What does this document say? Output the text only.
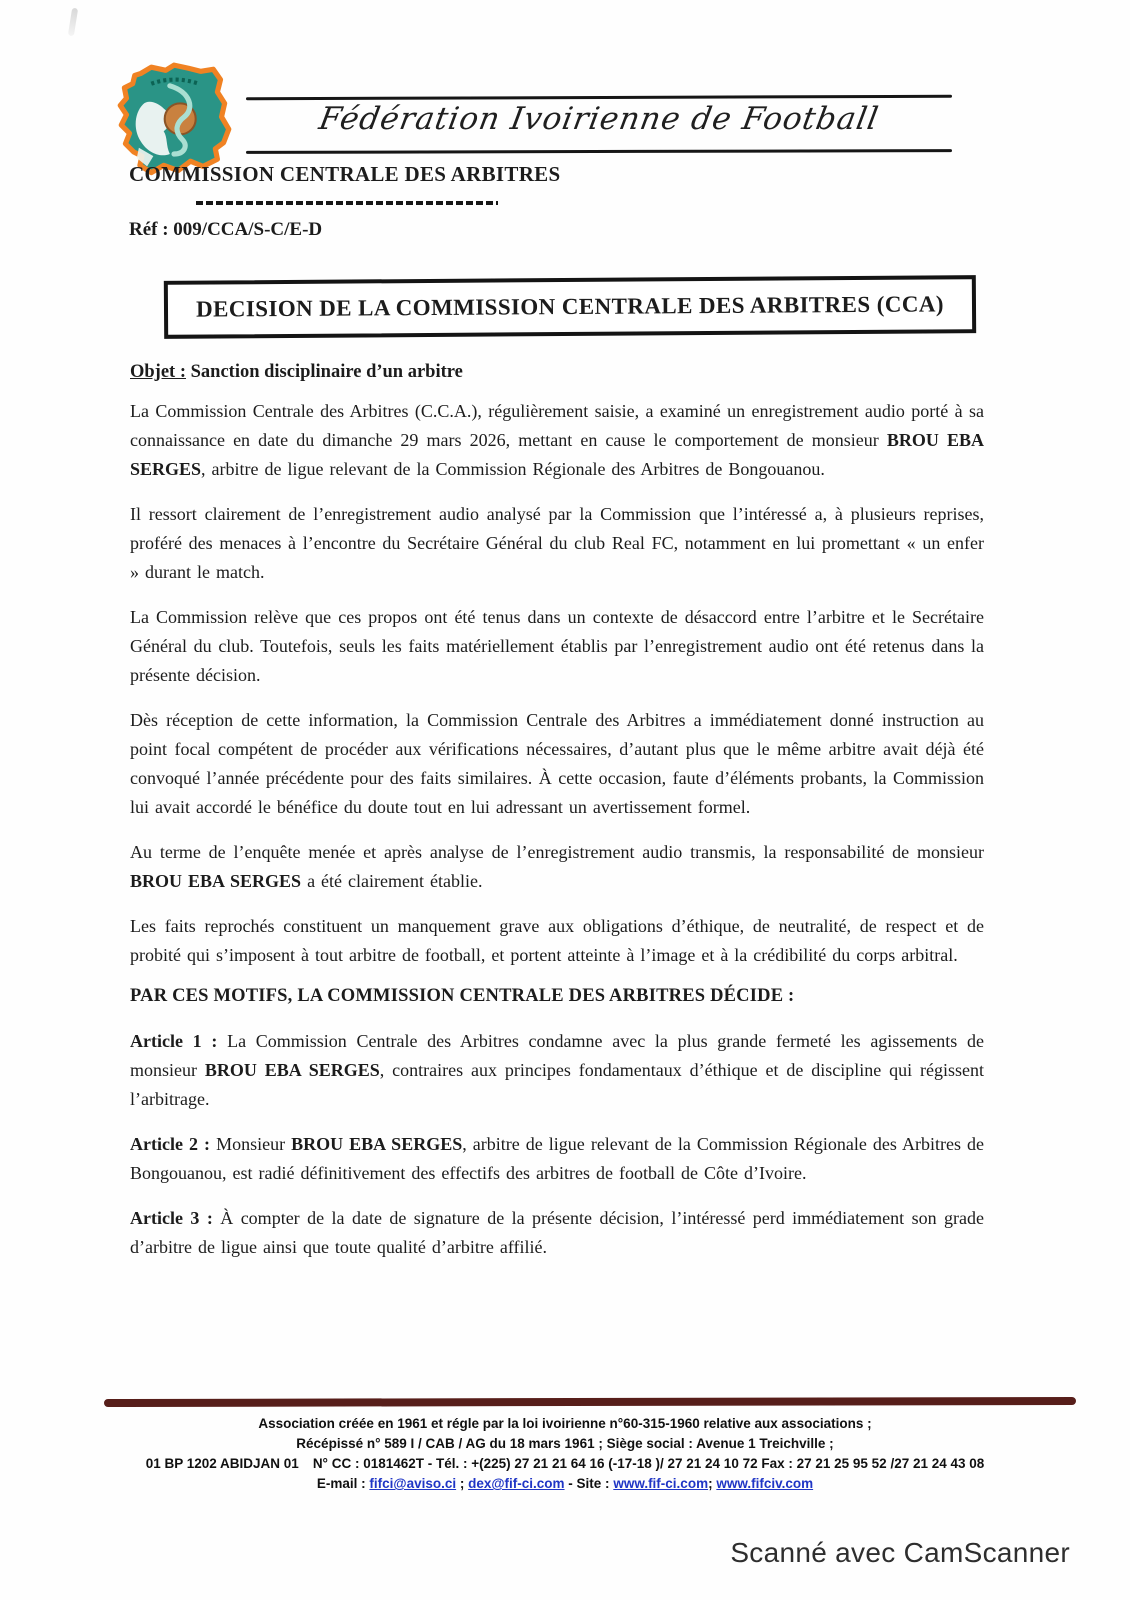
Fédération Ivoirienne de Football
COMMISSION CENTRALE DES ARBITRES
Réf : 009/CCA/S-C/E-D
DECISION DE LA COMMISSION CENTRALE DES ARBITRES (CCA)

Objet : Sanction disciplinaire d’un arbitre

La Commission Centrale des Arbitres (C.C.A.), régulièrement saisie, a examiné un enregistrement audio porté à sa connaissance en date du dimanche 29 mars 2026, mettant en cause le comportement de monsieur BROU EBA SERGES, arbitre de ligue relevant de la Commission Régionale des Arbitres de Bongouanou.

Il ressort clairement de l’enregistrement audio analysé par la Commission que l’intéressé a, à plusieurs reprises, proféré des menaces à l’encontre du Secrétaire Général du club Real FC, notamment en lui promettant « un enfer » durant le match.

La Commission relève que ces propos ont été tenus dans un contexte de désaccord entre l’arbitre et le Secrétaire Général du club. Toutefois, seuls les faits matériellement établis par l’enregistrement audio ont été retenus dans la présente décision.

Dès réception de cette information, la Commission Centrale des Arbitres a immédiatement donné instruction au point focal compétent de procéder aux vérifications nécessaires, d’autant plus que le même arbitre avait déjà été convoqué l’année précédente pour des faits similaires. À cette occasion, faute d’éléments probants, la Commission lui avait accordé le bénéfice du doute tout en lui adressant un avertissement formel.

Au terme de l’enquête menée et après analyse de l’enregistrement audio transmis, la responsabilité de monsieur BROU EBA SERGES a été clairement établie.

Les faits reprochés constituent un manquement grave aux obligations d’éthique, de neutralité, de respect et de probité qui s’imposent à tout arbitre de football, et portent atteinte à l’image et à la crédibilité du corps arbitral.

PAR CES MOTIFS, LA COMMISSION CENTRALE DES ARBITRES DÉCIDE :

Article 1 : La Commission Centrale des Arbitres condamne avec la plus grande fermeté les agissements de monsieur BROU EBA SERGES, contraires aux principes fondamentaux d’éthique et de discipline qui régissent l’arbitrage.

Article 2 : Monsieur BROU EBA SERGES, arbitre de ligue relevant de la Commission Régionale des Arbitres de Bongouanou, est radié définitivement des effectifs des arbitres de football de Côte d’Ivoire.

Article 3 : À compter de la date de signature de la présente décision, l’intéressé perd immédiatement son grade d’arbitre de ligue ainsi que toute qualité d’arbitre affilié.

Association créée en 1961 et régle par la loi ivoirienne n°60-315-1960 relative aux associations ;
Récépissé n° 589 I / CAB / AG du 18 mars 1961 ; Siège social : Avenue 1 Treichville ;
01 BP 1202 ABIDJAN 01 N° CC : 0181462T - Tél. : +(225) 27 21 21 64 16 (-17-18 )/ 27 21 24 10 72 Fax : 27 21 25 95 52 /27 21 24 43 08
E-mail : fifci@aviso.ci ; dex@fif-ci.com - Site : www.fif-ci.com; www.fifciv.com
Scanné avec CamScanner
